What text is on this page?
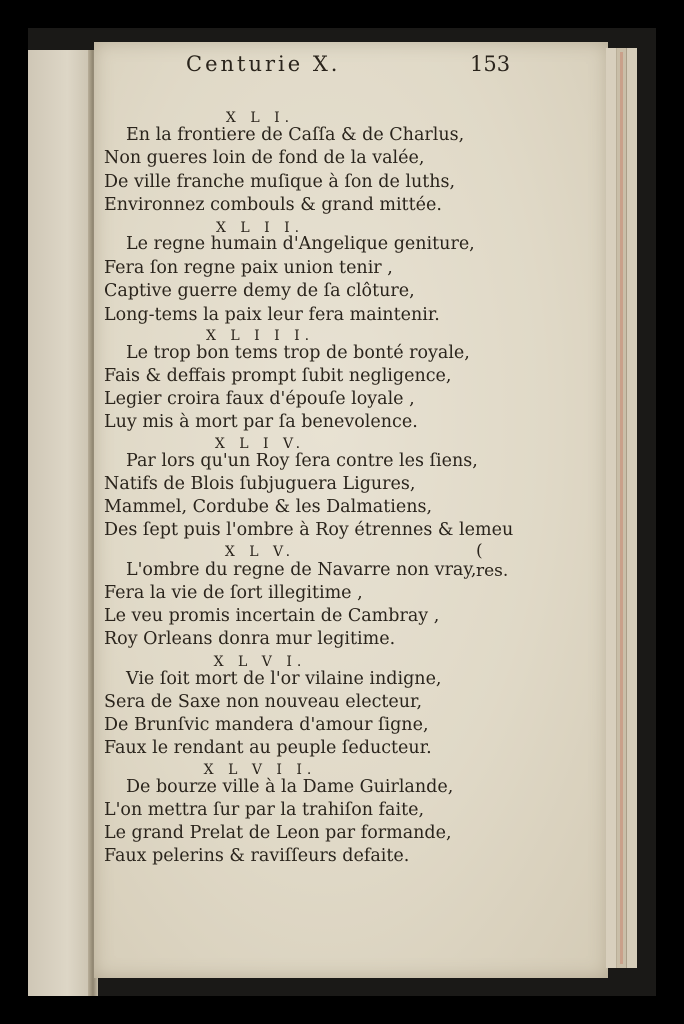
Centurie X.	153
X L I.
En la frontiere de Caſſa & de Charlus,
Non gueres loin de fond de la valée,
De ville franche muſique à ſon de luths,
Environnez combouls & grand mittée.
X L I I.
Le regne humain d'Angelique geniture,
Fera ſon regne paix union tenir ,
Captive guerre demy de ſa clôture,
Long-tems la paix leur fera maintenir.
X L I I I.
Le trop bon tems trop de bonté royale,
Fais & deffais prompt ſubit negligence,
Legier croira faux d'épouſe loyale ,
Luy mis à mort par ſa benevolence.
X L I V.
Par lors qu'un Roy ſera contre les ſiens,
Natifs de Blois ſubjuguera Ligures,
Mammel, Cordube & les Dalmatiens,
Des ſept puis l'ombre à Roy étrennes & lemeu
X L V.	( res.
L'ombre du regne de Navarre non vray,
Fera la vie de ſort illegitime ,
Le veu promis incertain de Cambray ,
Roy Orleans donra mur legitime.
X L V I.
Vie ſoit mort de l'or vilaine indigne,
Sera de Saxe non nouveau electeur,
De Brunſvic mandera d'amour ſigne,
Faux le rendant au peuple ſeducteur.
X L V I I.
De bourze ville à la Dame Guirlande,
L'on mettra ſur par la trahiſon faite,
Le grand Prelat de Leon par formande,
Faux pelerins & raviſſeurs defaite.
